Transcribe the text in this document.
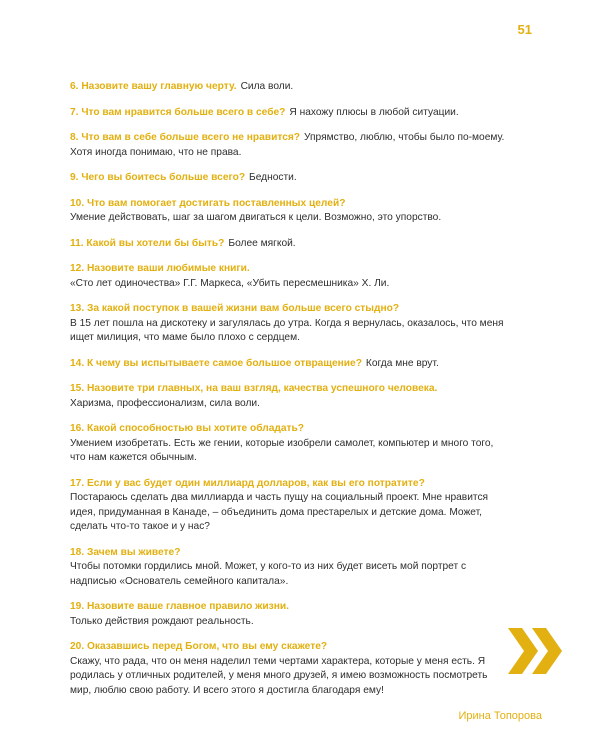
51
6. Назовите вашу главную черту. Сила воли.
7. Что вам нравится больше всего в себе? Я нахожу плюсы в любой ситуации.
8. Что вам в себе больше всего не нравится? Упрямство, люблю, чтобы было по-моему. Хотя иногда понимаю, что не права.
9. Чего вы боитесь больше всего? Бедности.
10. Что вам помогает достигать поставленных целей?
Умение действовать, шаг за шагом двигаться к цели. Возможно, это упорство.
11. Какой вы хотели бы быть? Более мягкой.
12. Назовите ваши любимые книги.
«Сто лет одиночества» Г.Г. Маркеса, «Убить пересмешника» Х. Ли.
13. За какой поступок в вашей жизни вам больше всего стыдно?
В 15 лет пошла на дискотеку и загулялась до утра. Когда я вернулась, оказалось, что меня ищет милиция, что маме было плохо с сердцем.
14. К чему вы испытываете самое большое отвращение? Когда мне врут.
15. Назовите три главных, на ваш взгляд, качества успешного человека.
Харизма, профессионализм, сила воли.
16. Какой способностью вы хотите обладать?
Умением изобретать. Есть же гении, которые изобрели самолет, компьютер и много того, что нам кажется обычным.
17. Если у вас будет один миллиард долларов, как вы его потратите?
Постараюсь сделать два миллиарда и часть пущу на социальный проект. Мне нравится идея, придуманная в Канаде, – объединить дома престарелых и детские дома. Может, сделать что-то такое и у нас?
18. Зачем вы живете?
Чтобы потомки гордились мной. Может, у кого-то из них будет висеть мой портрет с надписью «Основатель семейного капитала».
19. Назовите ваше главное правило жизни.
Только действия рождают реальность.
20. Оказавшись перед Богом, что вы ему скажете?
Скажу, что рада, что он меня наделил теми чертами характера, которые у меня есть. Я родилась у отличных родителей, у меня много друзей, я имею возможность посмотреть мир, люблю свою работу. И всего этого я достигла благодаря ему!
Ирина Топорова
